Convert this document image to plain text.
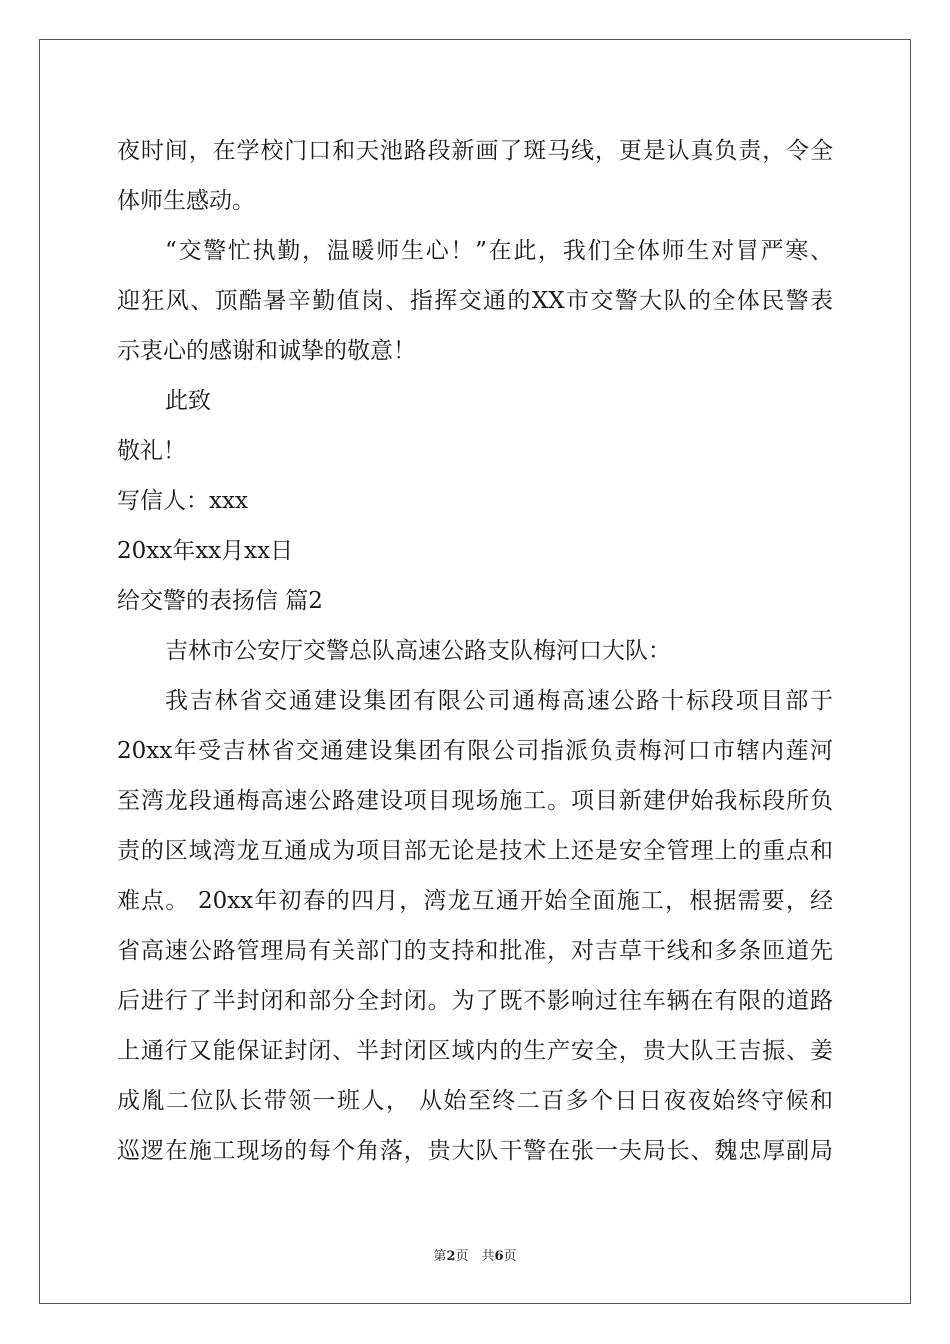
夜时间，在学校门口和天池路段新画了斑马线，更是认真负责，令全
体师生感动。
“交警忙执勤，温暖师生心！”在此，我们全体师生对冒严寒、
迎狂风、顶酷暑辛勤值岗、指挥交通的XX市交警大队的全体民警表
示衷心的感谢和诚挚的敬意！
此致
敬礼！
写信人：xxx
20xx年xx月xx日
给交警的表扬信 篇2
吉林市公安厅交警总队高速公路支队梅河口大队：
我吉林省交通建设集团有限公司通梅高速公路十标段项目部于
20xx年受吉林省交通建设集团有限公司指派负责梅河口市辖内莲河
至湾龙段通梅高速公路建设项目现场施工。项目新建伊始我标段所负
责的区域湾龙互通成为项目部无论是技术上还是安全管理上的重点和
难点。 20xx年初春的四月，湾龙互通开始全面施工，根据需要，经
省高速公路管理局有关部门的支持和批准，对吉草干线和多条匝道先
后进行了半封闭和部分全封闭。为了既不影响过往车辆在有限的道路
上通行又能保证封闭、半封闭区域内的生产安全，贵大队王吉振、姜
成胤二位队长带领一班人， 从始至终二百多个日日夜夜始终守候和
巡逻在施工现场的每个角落，贵大队干警在张一夫局长、魏忠厚副局
第2页　共6页
